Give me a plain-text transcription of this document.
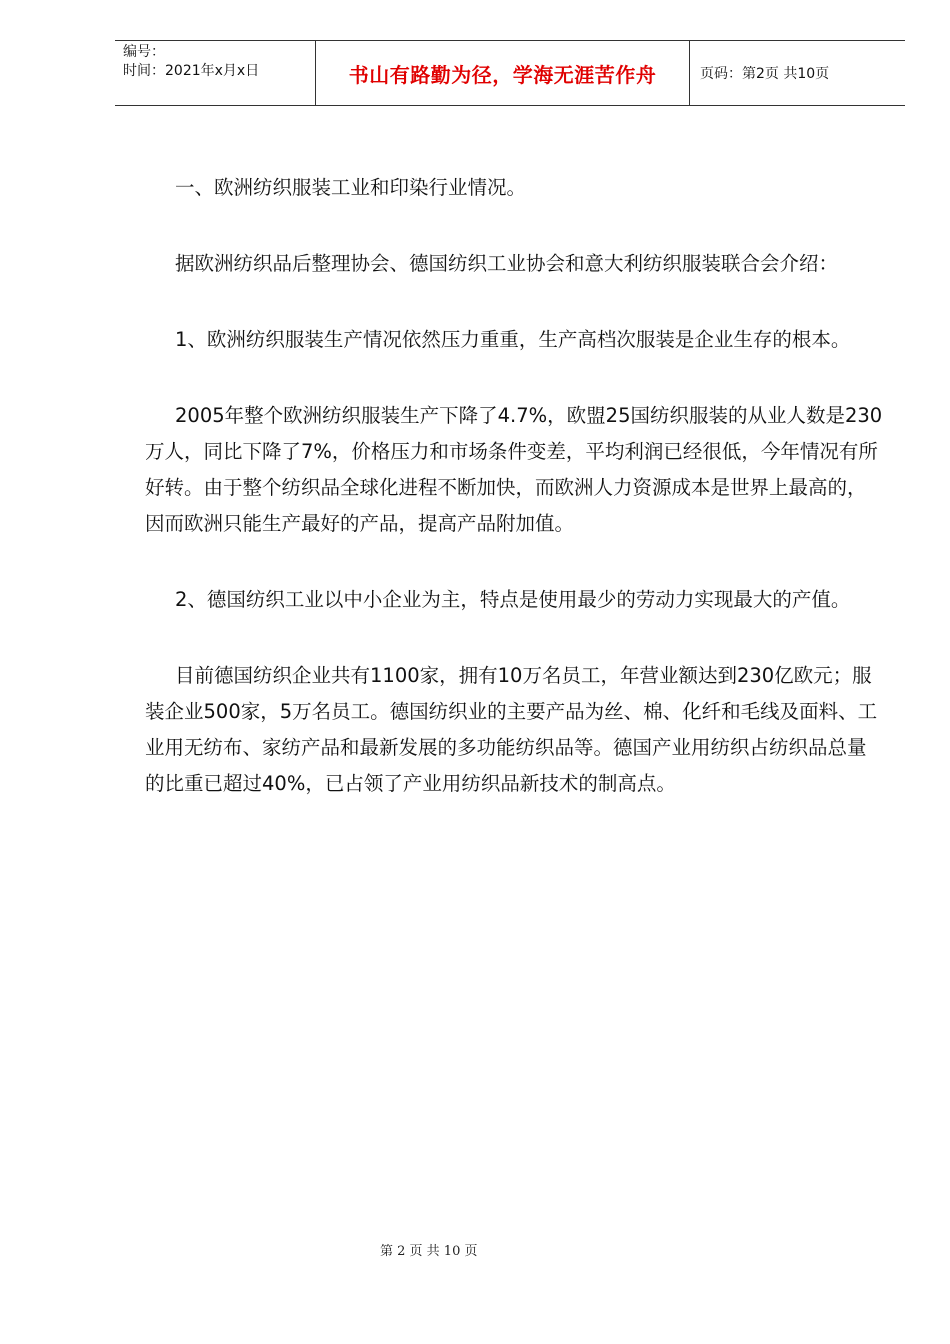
编号：
时间：2021年x月x日	书山有路勤为径，学海无涯苦作舟	页码：第2页 共10页

一、欧洲纺织服装工业和印染行业情况。

据欧洲纺织品后整理协会、德国纺织工业协会和意大利纺织服装联合会介绍：

1、欧洲纺织服装生产情况依然压力重重，生产高档次服装是企业生存的根本。

2005年整个欧洲纺织服装生产下降了4.7%，欧盟25国纺织服装的从业人数是230万人，同比下降了7%，价格压力和市场条件变差，平均利润已经很低，今年情况有所好转。由于整个纺织品全球化进程不断加快，而欧洲人力资源成本是世界上最高的，因而欧洲只能生产最好的产品，提高产品附加值。

2、德国纺织工业以中小企业为主，特点是使用最少的劳动力实现最大的产值。

目前德国纺织企业共有1100家，拥有10万名员工，年营业额达到230亿欧元；服装企业500家，5万名员工。德国纺织业的主要产品为丝、棉、化纤和毛线及面料、工业用无纺布、家纺产品和最新发展的多功能纺织品等。德国产业用纺织占纺织品总量的比重已超过40%，已占领了产业用纺织品新技术的制高点。

第 2 页 共 10 页
